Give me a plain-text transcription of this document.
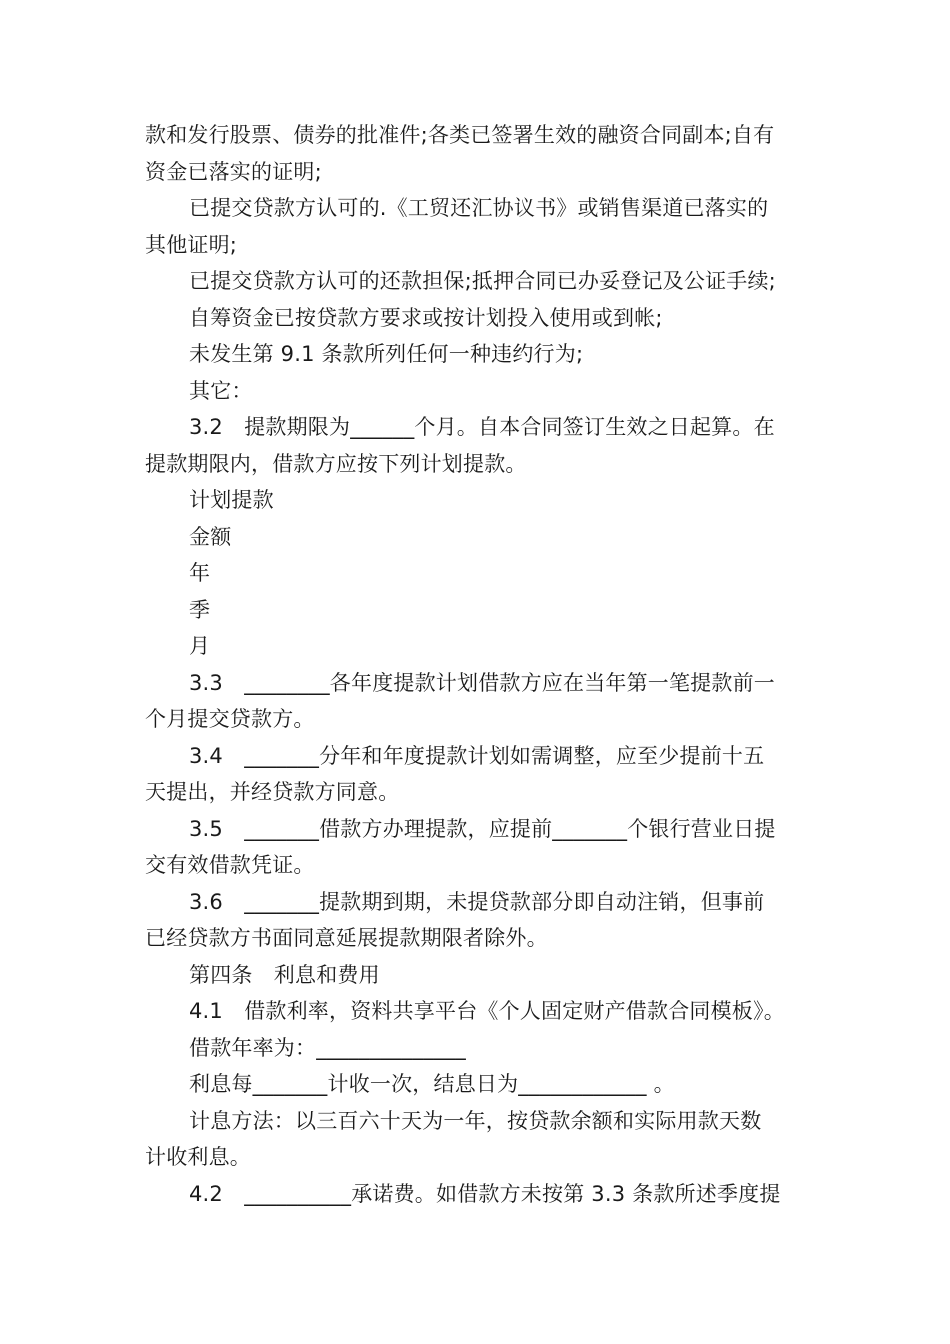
款和发行股票、债券的批准件;各类已签署生效的融资合同副本;自有
资金已落实的证明;
已提交贷款方认可的.《工贸还汇协议书》或销售渠道已落实的
其他证明;
已提交贷款方认可的还款担保;抵押合同已办妥登记及公证手续;
自筹资金已按贷款方要求或按计划投入使用或到帐;
未发生第 9.1 条款所列任何一种违约行为;
其它：
3.2　提款期限为______个月。自本合同签订生效之日起算。在
提款期限内，借款方应按下列计划提款。
计划提款
金额
年
季
月
3.3　________各年度提款计划借款方应在当年第一笔提款前一
个月提交贷款方。
3.4　_______分年和年度提款计划如需调整，应至少提前十五
天提出，并经贷款方同意。
3.5　_______借款方办理提款，应提前_______个银行营业日提
交有效借款凭证。
3.6　_______提款期到期，未提贷款部分即自动注销，但事前
已经贷款方书面同意延展提款期限者除外。
第四条　利息和费用
4.1　借款利率，资料共享平台《个人固定财产借款合同模板》。
借款年率为：______________
利息每_______计收一次，结息日为____________ 。
计息方法：以三百六十天为一年，按贷款余额和实际用款天数
计收利息。
4.2　__________承诺费。如借款方未按第 3.3 条款所述季度提
